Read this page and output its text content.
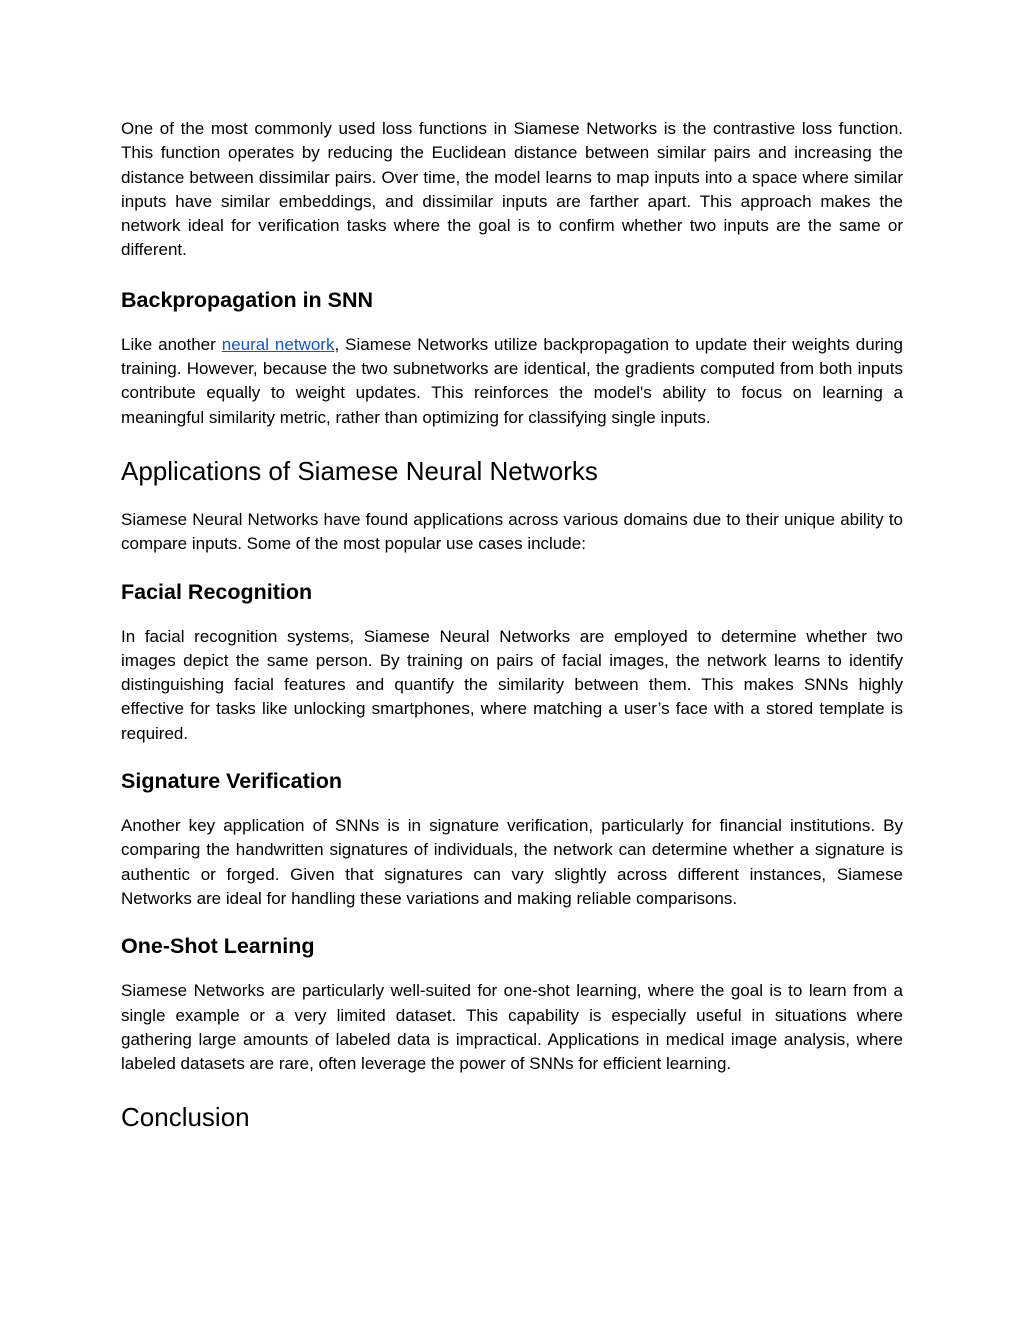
One of the most commonly used loss functions in Siamese Networks is the contrastive loss function. This function operates by reducing the Euclidean distance between similar pairs and increasing the distance between dissimilar pairs. Over time, the model learns to map inputs into a space where similar inputs have similar embeddings, and dissimilar inputs are farther apart. This approach makes the network ideal for verification tasks where the goal is to confirm whether two inputs are the same or different.

Backpropagation in SNN

Like another neural network, Siamese Networks utilize backpropagation to update their weights during training. However, because the two subnetworks are identical, the gradients computed from both inputs contribute equally to weight updates. This reinforces the model's ability to focus on learning a meaningful similarity metric, rather than optimizing for classifying single inputs.

Applications of Siamese Neural Networks

Siamese Neural Networks have found applications across various domains due to their unique ability to compare inputs. Some of the most popular use cases include:

Facial Recognition

In facial recognition systems, Siamese Neural Networks are employed to determine whether two images depict the same person. By training on pairs of facial images, the network learns to identify distinguishing facial features and quantify the similarity between them. This makes SNNs highly effective for tasks like unlocking smartphones, where matching a user’s face with a stored template is required.

Signature Verification

Another key application of SNNs is in signature verification, particularly for financial institutions. By comparing the handwritten signatures of individuals, the network can determine whether a signature is authentic or forged. Given that signatures can vary slightly across different instances, Siamese Networks are ideal for handling these variations and making reliable comparisons.

One-Shot Learning

Siamese Networks are particularly well-suited for one-shot learning, where the goal is to learn from a single example or a very limited dataset. This capability is especially useful in situations where gathering large amounts of labeled data is impractical. Applications in medical image analysis, where labeled datasets are rare, often leverage the power of SNNs for efficient learning.

Conclusion
